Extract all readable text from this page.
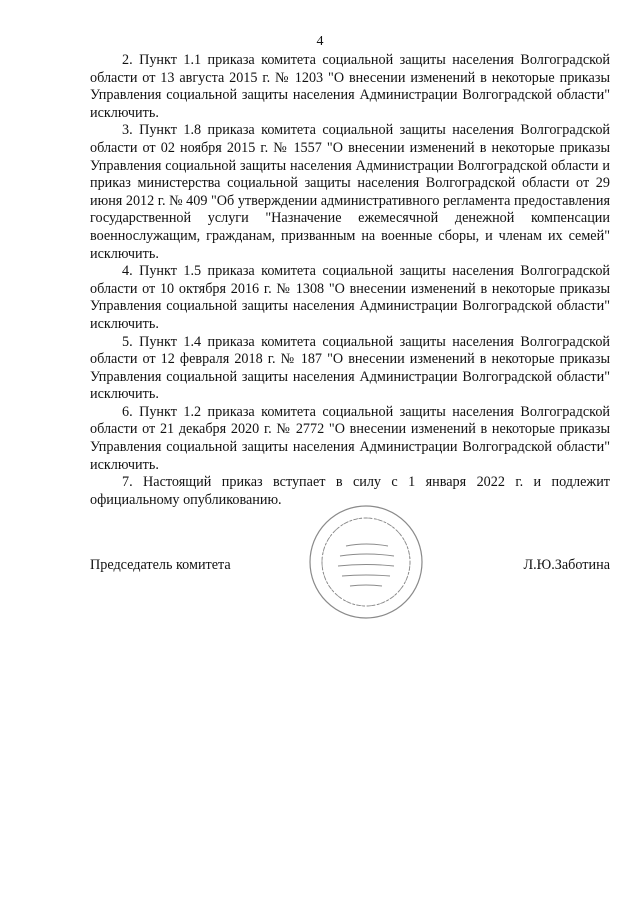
4

2. Пункт 1.1 приказа комитета социальной защиты населения Волгоградской области от 13 августа 2015 г. № 1203 "О внесении изменений в некоторые приказы Управления социальной защиты населения Администрации Волгоградской области" исключить.

3. Пункт 1.8 приказа комитета социальной защиты населения Волгоградской области от 02 ноября 2015 г. № 1557 "О внесении изменений в некоторые приказы Управления социальной защиты населения Администрации Волгоградской области и приказ министерства социальной защиты населения Волгоградской области от 29 июня 2012 г. № 409 "Об утверждении административного регламента предоставления государственной услуги "Назначение ежемесячной денежной компенсации военнослужащим, гражданам, призванным на военные сборы, и членам их семей" исключить.

4. Пункт 1.5 приказа комитета социальной защиты населения Волгоградской области от 10 октября 2016 г. № 1308 "О внесении изменений в некоторые приказы Управления социальной защиты населения Администрации Волгоградской области" исключить.

5. Пункт 1.4 приказа комитета социальной защиты населения Волгоградской области от 12 февраля 2018 г. № 187 "О внесении изменений в некоторые приказы Управления социальной защиты населения Администрации Волгоградской области" исключить.

6. Пункт 1.2 приказа комитета социальной защиты населения Волгоградской области от 21 декабря 2020 г. № 2772 "О внесении изменений в некоторые приказы Управления социальной защиты населения Администрации Волгоградской области" исключить.

7. Настоящий приказ вступает в силу с 1 января 2022 г. и подлежит официальному опубликованию.

Председатель комитета	Л.Ю.Заботина
